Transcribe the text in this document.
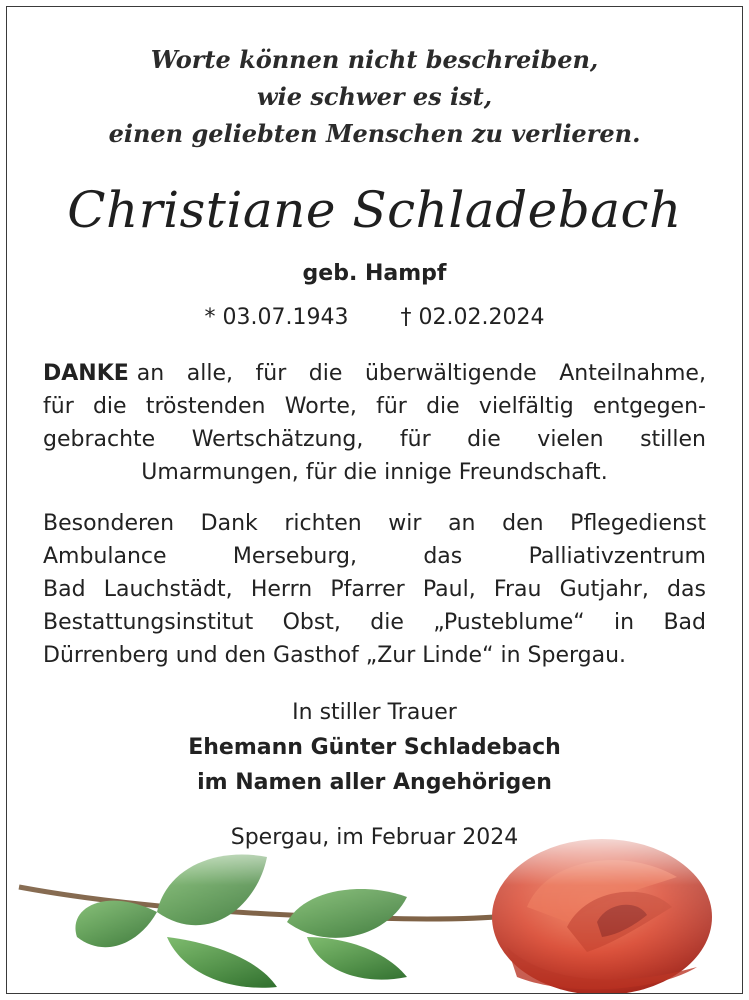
Worte können nicht beschreiben,
wie schwer es ist,
einen geliebten Menschen zu verlieren.
Christiane Schladebach
geb. Hampf
* 03.07.1943 † 02.02.2024
DANKE an alle, für die überwältigende Anteilnahme,
für die tröstenden Worte, für die vielfältig entgegen-
gebrachte Wertschätzung, für die vielen stillen
Umarmungen, für die innige Freundschaft.
Besonderen Dank richten wir an den Pflegedienst
Ambulance	Merseburg,	das	Palliativzentrum
Bad Lauchstädt, Herrn Pfarrer Paul, Frau Gutjahr, das
Bestattungsinstitut Obst, die „Pusteblume“ in Bad
Dürrenberg und den Gasthof „Zur Linde“ in Spergau.
In stiller Trauer
Ehemann Günter Schladebach
im Namen aller Angehörigen
Spergau, im Februar 2024
